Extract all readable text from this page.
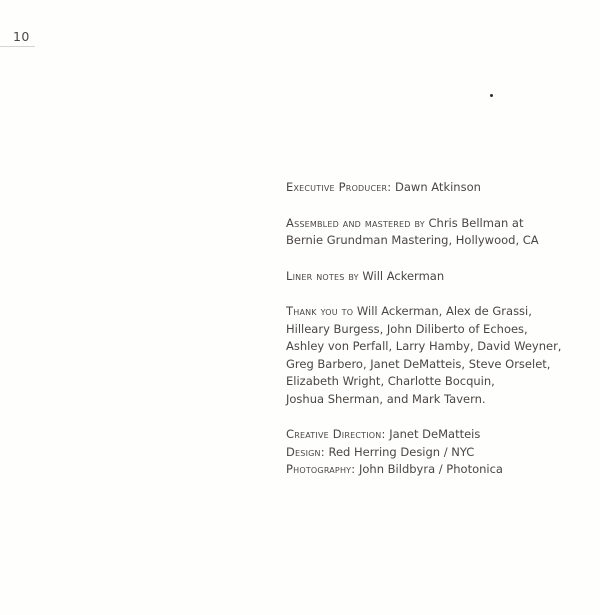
10

Executive Producer: Dawn Atkinson

Assembled and mastered by Chris Bellman at
Bernie Grundman Mastering, Hollywood, CA

Liner notes by Will Ackerman

Thank you to Will Ackerman, Alex de Grassi,
Hilleary Burgess, John Diliberto of Echoes,
Ashley von Perfall, Larry Hamby, David Weyner,
Greg Barbero, Janet DeMatteis, Steve Orselet,
Elizabeth Wright, Charlotte Bocquin,
Joshua Sherman, and Mark Tavern.

Creative Direction: Janet DeMatteis

Design: Red Herring Design / NYC

Photography: John Bildbyra / Photonica
